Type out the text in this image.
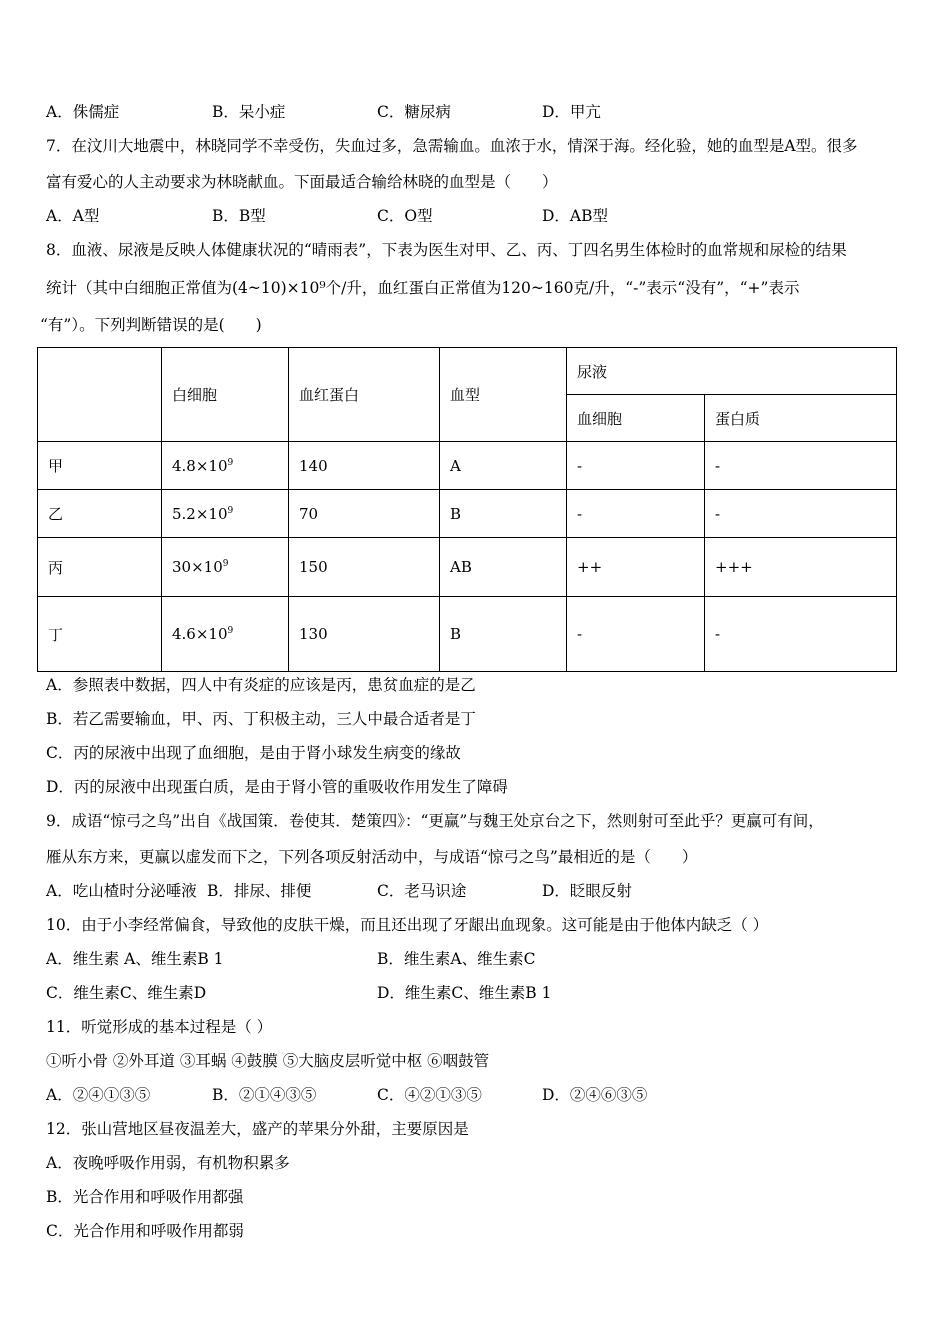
A．侏儒症	B．呆小症	C．糖尿病	D．甲亢
7．在汶川大地震中，林晓同学不幸受伤，失血过多，急需输血。血浓于水，情深于海。经化验，她的血型是A型。很多
富有爱心的人主动要求为林晓献血。下面最适合输给林晓的血型是（　　）
A．A型	B．B型	C．O型	D．AB型
8．血液、尿液是反映人体健康状况的“晴雨表”，下表为医生对甲、乙、丙、丁四名男生体检时的血常规和尿检的结果
统计（其中白细胞正常值为(4~10)×10⁹个/升，血红蛋白正常值为120~160克/升，“-”表示“没有”，“+”表示
“有”）。下列判断错误的是(　　)
	白细胞	血红蛋白	血型	尿液	
				血细胞	蛋白质
甲	$4.8\times 10^9$	140	A	-	-
乙	$5.2\times 10^9$	70	B	-	-
丙	$30\times 10^9$	150	AB	++	+++
丁	$4.6\times 10^9$	130	B	-	-
A．参照表中数据，四人中有炎症的应该是丙，患贫血症的是乙
B．若乙需要输血，甲、丙、丁积极主动，三人中最合适者是丁
C．丙的尿液中出现了血细胞，是由于肾小球发生病变的缘故
D．丙的尿液中出现蛋白质，是由于肾小管的重吸收作用发生了障碍
9．成语“惊弓之鸟”出自《战国策．卷使其．楚策四》：“更赢”与魏王处京台之下，然则射可至此乎？更赢可有间，
雁从东方来，更赢以虚发而下之，下列各项反射活动中，与成语“惊弓之鸟”最相近的是（　　）
A．吃山楂时分泌唾液 B．排尿、排便	C．老马识途	D．眨眼反射
10．由于小李经常偏食，导致他的皮肤干燥，而且还出现了牙龈出血现象。这可能是由于他体内缺乏（ ）
A．维生素 A、维生素B 1	B．维生素A、维生素C
C．维生素C、维生素D	D．维生素C、维生素B 1
11．听觉形成的基本过程是（ ）
①听小骨 ②外耳道 ③耳蜗 ④鼓膜 ⑤大脑皮层听觉中枢 ⑥咽鼓管
A．②④①③⑤	B．②①④③⑤	C．④②①③⑤	D．②④⑥③⑤
12．张山营地区昼夜温差大，盛产的苹果分外甜，主要原因是
A．夜晚呼吸作用弱，有机物积累多
B．光合作用和呼吸作用都强
C．光合作用和呼吸作用都弱
